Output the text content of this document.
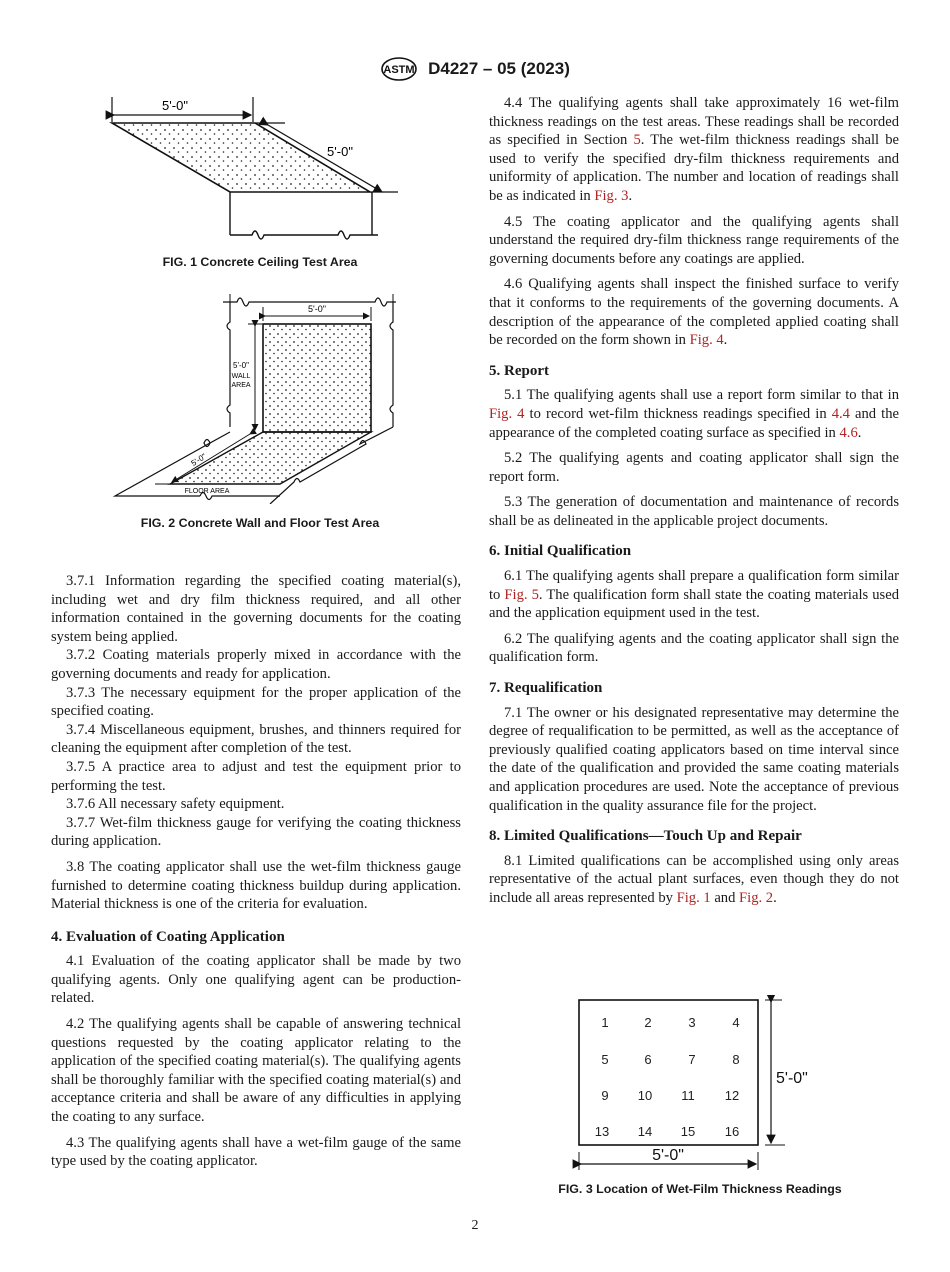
ASTM D4227 – 05 (2023)
5'-0"
5'-0"
FIG. 1 Concrete Ceiling Test Area
5'-0"
5'-0"
WALL
AREA
5'-0"
FLOOR AREA
FIG. 2 Concrete Wall and Floor Test Area

3.7.1 Information regarding the specified coating material(s), including wet and dry film thickness required, and all other information contained in the governing documents for the coating system being applied.

3.7.2 Coating materials properly mixed in accordance with the governing documents and ready for application.

3.7.3 The necessary equipment for the proper application of the specified coating.

3.7.4 Miscellaneous equipment, brushes, and thinners required for cleaning the equipment after completion of the test.

3.7.5 A practice area to adjust and test the equipment prior to performing the test.

3.7.6 All necessary safety equipment.

3.7.7 Wet-film thickness gauge for verifying the coating thickness during application.

3.8 The coating applicator shall use the wet-film thickness gauge furnished to determine coating thickness buildup during application. Material thickness is one of the criteria for evaluation.

4. Evaluation of Coating Application

4.1 Evaluation of the coating applicator shall be made by two qualifying agents. Only one qualifying agent can be production-related.

4.2 The qualifying agents shall be capable of answering technical questions requested by the coating applicator relating to the application of the specified coating material(s). The qualifying agents shall be thoroughly familiar with the specified coating material(s) and acceptance criteria and shall be aware of any difficulties in applying the coating to any surface.

4.3 The qualifying agents shall have a wet-film gauge of the same type used by the coating applicator.

4.4 The qualifying agents shall take approximately 16 wet-film thickness readings on the test areas. These readings shall be recorded as specified in Section 5. The wet-film thickness readings shall be used to verify the specified dry-film thickness requirements and uniformity of application. The number and location of readings shall be as indicated in Fig. 3.

4.5 The coating applicator and the qualifying agents shall understand the required dry-film thickness range requirements of the governing documents before any coatings are applied.

4.6 Qualifying agents shall inspect the finished surface to verify that it conforms to the requirements of the governing documents. A description of the appearance of the completed applied coating shall be recorded on the form shown in Fig. 4.

5. Report

5.1 The qualifying agents shall use a report form similar to that in Fig. 4 to record wet-film thickness readings specified in 4.4 and the appearance of the completed coating surface as specified in 4.6.

5.2 The qualifying agents and coating applicator shall sign the report form.

5.3 The generation of documentation and maintenance of records shall be as delineated in the applicable project documents.

6. Initial Qualification

6.1 The qualifying agents shall prepare a qualification form similar to Fig. 5. The qualification form shall state the coating materials used and the application equipment used in the test.

6.2 The qualifying agents and the coating applicator shall sign the qualification form.

7. Requalification

7.1 The owner or his designated representative may determine the degree of requalification to be permitted, as well as the acceptance of previously qualified coating applicators based on time interval since the date of the qualification and provided the same coating materials and application procedures are used. Note the acceptance of previous qualification in the quality assurance file for the project.

8. Limited Qualifications—Touch Up and Repair

8.1 Limited qualifications can be accomplished using only areas representative of the actual plant surfaces, even though they do not include all areas represented by Fig. 1 and Fig. 2.

1	2	3	4
5	6	7	8
9 10 11 12
13 14 15 16
5'-0"
5'-0"
FIG. 3 Location of Wet-Film Thickness Readings
2
